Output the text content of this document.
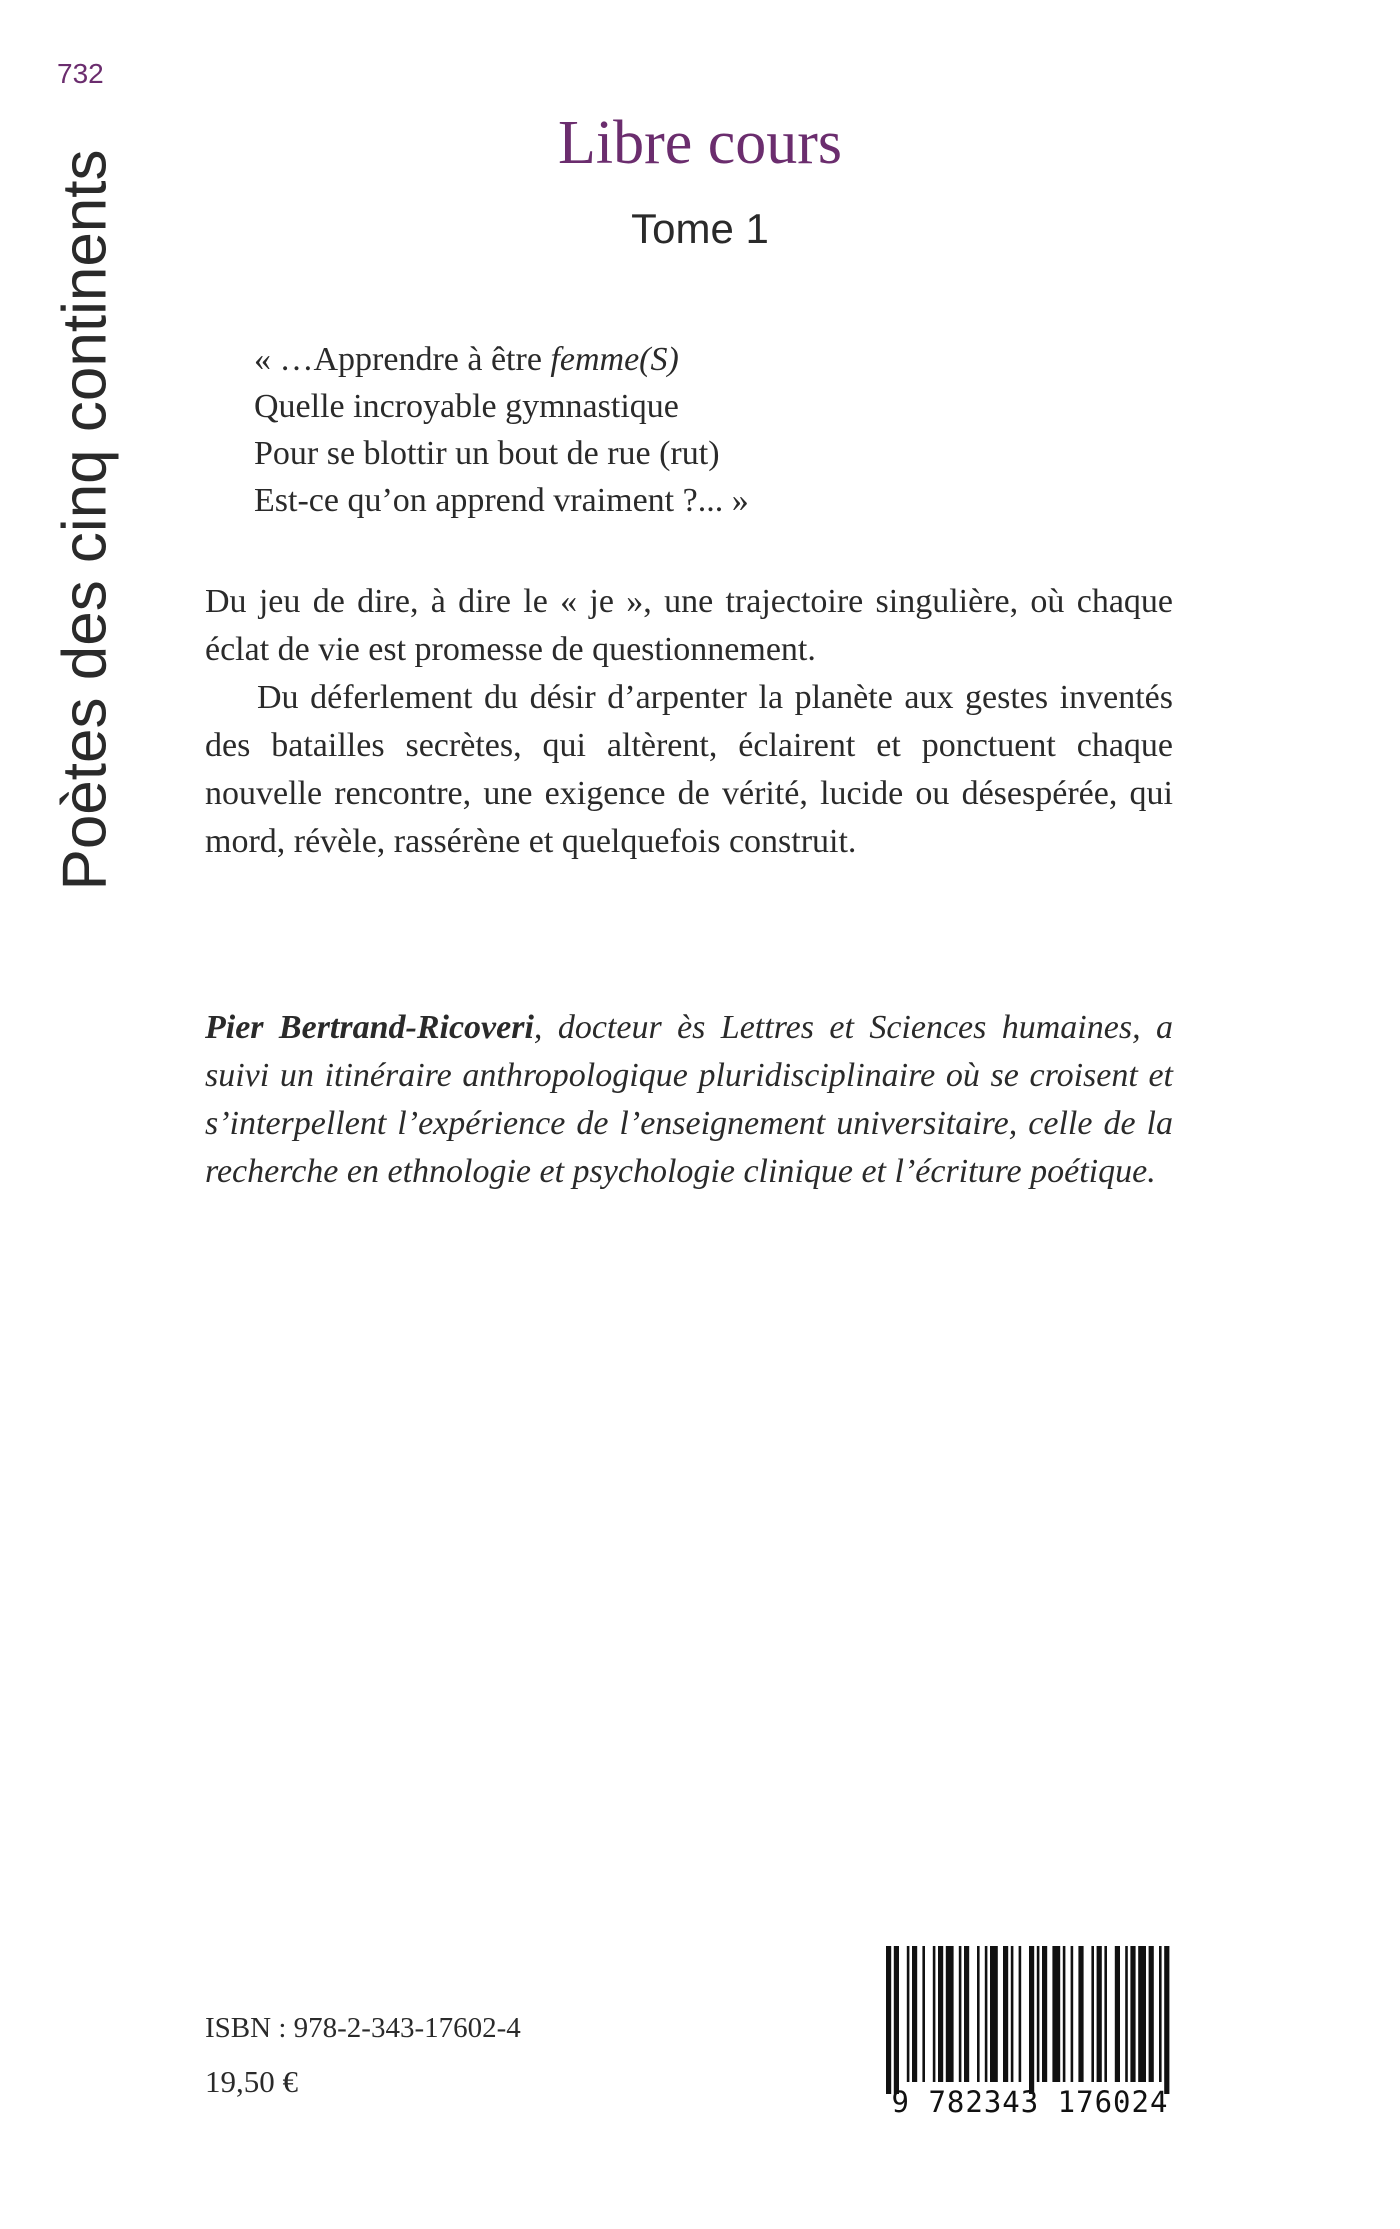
732
Poètes des cinq continents
Libre cours
Tome 1
« …Apprendre à être femme(S)
Quelle incroyable gymnastique
Pour se blottir un bout de rue (rut)
Est-ce qu’on apprend vraiment ?... »

Du jeu de dire, à dire le « je », une trajectoire singulière, où chaque éclat de vie est promesse de questionnement.

Du déferlement du désir d’arpenter la planète aux gestes inventés des batailles secrètes, qui altèrent, éclairent et ponctuent chaque nouvelle rencontre, une exigence de vérité, lucide ou désespérée, qui mord, révèle, rassérène et quelquefois construit.

Pier Bertrand-Ricoveri, docteur ès Lettres et Sciences humaines, a suivi un itinéraire anthropologique pluridisciplinaire où se croisent et s’interpellent l’expérience de l’enseignement universitaire, celle de la recherche en ethnologie et psychologie clinique et l’écriture poétique.
ISBN : 978-2-343-17602-4
19,50 €
9 782343 176024
